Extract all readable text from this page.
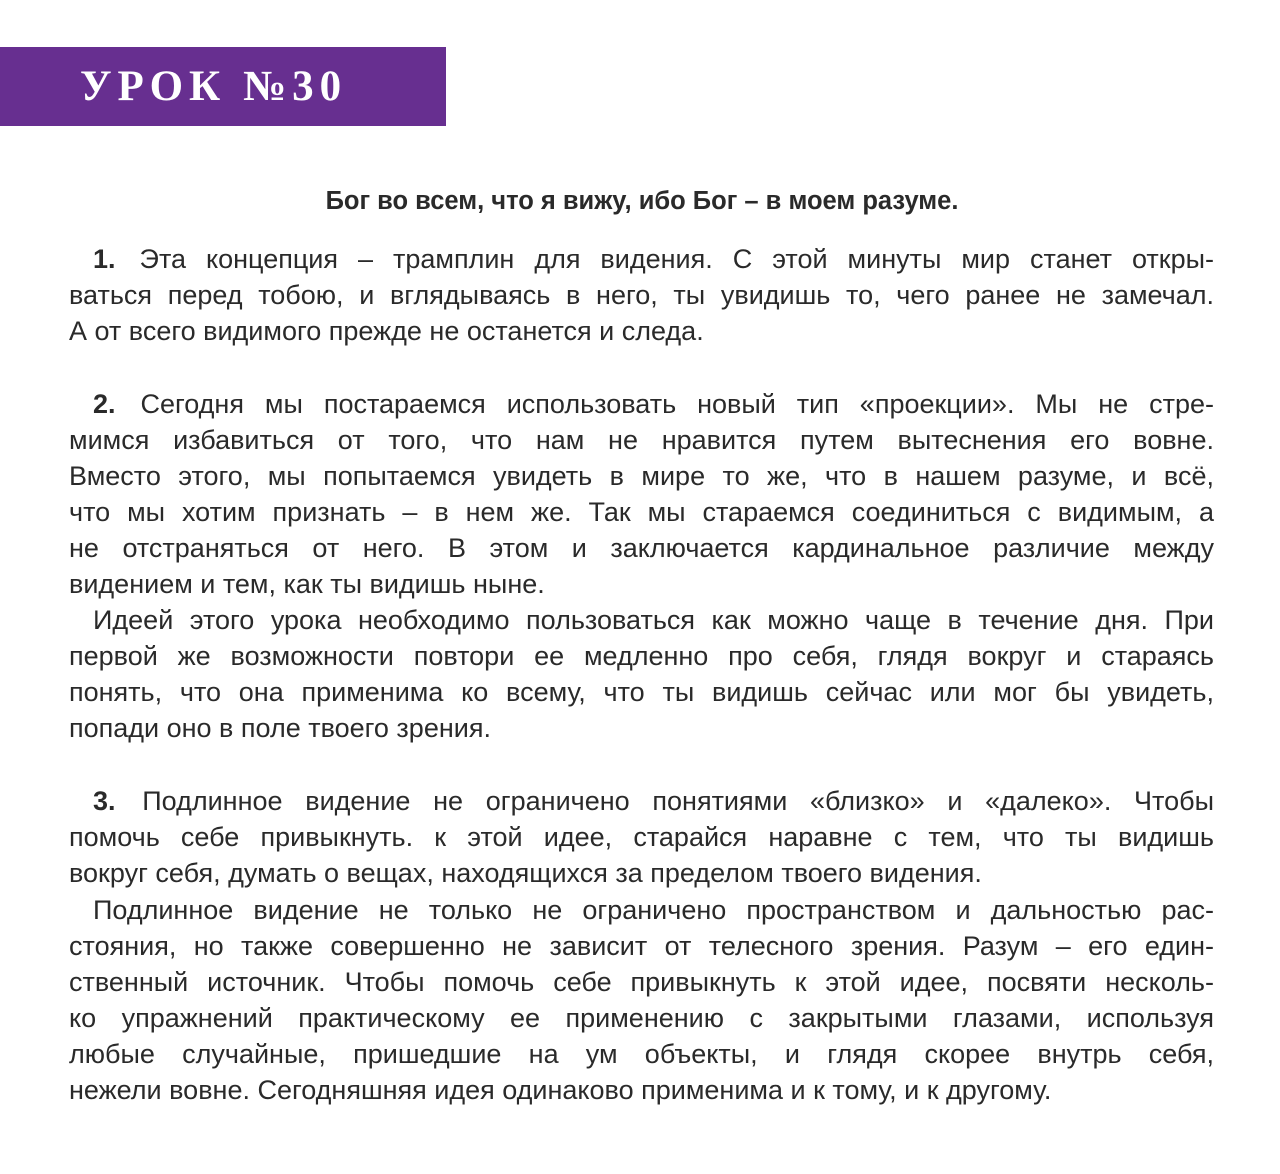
УРОК №30
Бог во всем, что я вижу, ибо Бог – в моем разуме.
1. Эта концепция – трамплин для видения. С этой минуты мир станет откры-
ваться перед тобою, и вглядываясь в него, ты увидишь то, чего ранее не замечал.
А от всего видимого прежде не останется и следа.
2. Сегодня мы постараемся использовать новый тип «проекции». Мы не стре-
мимся избавиться от того, что нам не нравится путем вытеснения его вовне.
Вместо этого, мы попытаемся увидеть в мире то же, что в нашем разуме, и всё,
что мы хотим признать – в нем же. Так мы стараемся соединиться с видимым, а
не отстраняться от него. В этом и заключается кардинальное различие между
видением и тем, как ты видишь ныне.
Идеей этого урока необходимо пользоваться как можно чаще в течение дня. При
первой же возможности повтори ее медленно про себя, глядя вокруг и стараясь
понять, что она применима ко всему, что ты видишь сейчас или мог бы увидеть,
попади оно в поле твоего зрения.
3. Подлинное видение не ограничено понятиями «близко» и «далеко». Чтобы
помочь себе привыкнуть. к этой идее, старайся наравне с тем, что ты видишь
вокруг себя, думать о вещах, находящихся за пределом твоего видения.
Подлинное видение не только не ограничено пространством и дальностью рас-
стояния, но также совершенно не зависит от телесного зрения. Разум – его един-
ственный источник. Чтобы помочь себе привыкнуть к этой идее, посвяти несколь-
ко упражнений практическому ее применению с закрытыми глазами, используя
любые случайные, пришедшие на ум объекты, и глядя скорее внутрь себя,
нежели вовне. Сегодняшняя идея одинаково применима и к тому, и к другому.
